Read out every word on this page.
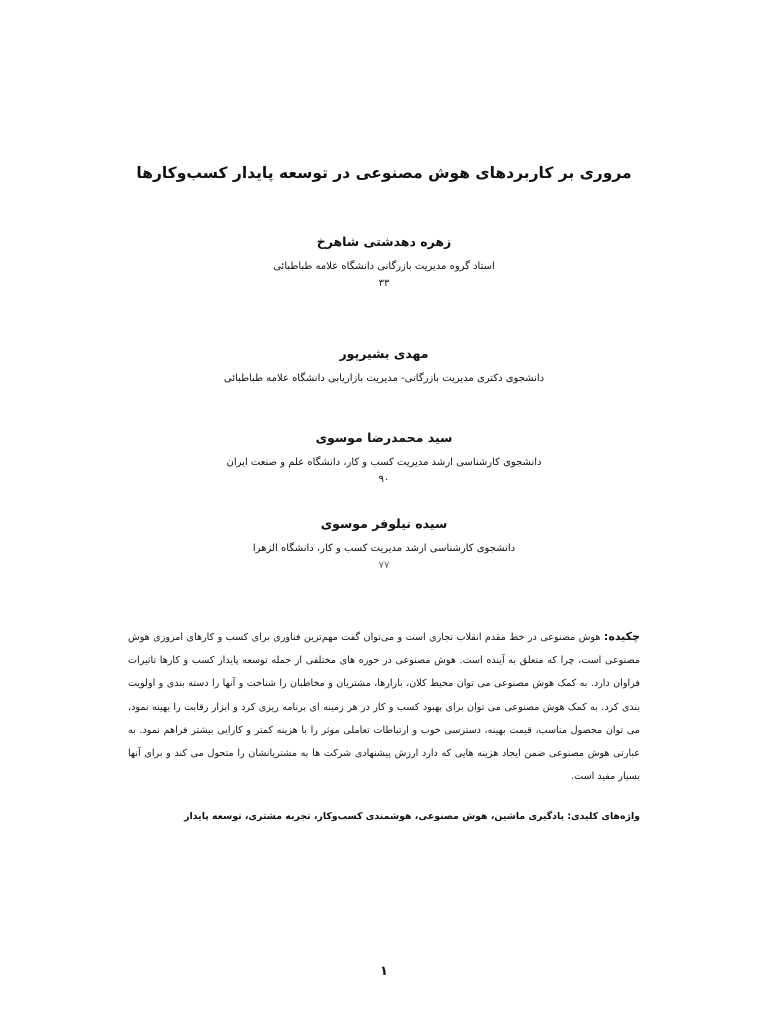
مروری بر کاربردهای هوش مصنوعی در توسعه پایدار کسب‌وکارها

زهره دهدشتی شاهرخ

استاد گروه مدیریت بازرگانی دانشگاه علامه طباطبائی

۳۳

مهدی بشیرپور

دانشجوی دکتری مدیریت بازرگانی- مدیریت بازاریابی دانشگاه علامه طباطبائی

سید محمدرضا موسوی

دانشجوی کارشناسی ارشد مدیریت کسب و کار، دانشگاه علم و صنعت ایران

۹۰

سیده نیلوفر موسوی

دانشجوی کارشناسی ارشد مدیریت کسب و کار، دانشگاه الزهرا

۷۷

چکیده: هوش مصنوعی در خط مقدم انقلاب تجاری است و می‌توان گفت مهم‌ترین فناوری برای کسب و کارهای امروزی هوش مصنوعی است، چرا که متعلق به آینده است. هوش مصنوعی در حوزه های مختلفی از جمله توسعه پایدار کسب و کارها تاثیرات فراوان دارد. به کمک هوش مصنوعی می توان محیط کلان، بازارها، مشتریان و مخاطبان را شناخت و آنها را دسته بندی و اولویت بندی کرد. به کمک هوش مصنوعی می توان برای بهبود کسب و کار در هر زمینه ای برنامه ریزی کرد و ابزار رقابت را بهینه نمود، می توان محصول مناسب، قیمت بهینه، دسترسی خوب و ارتباطات تعاملی موثر را با هزینه کمتر و کارایی بیشتر فراهم نمود. به عبارتی هوش مصنوعی ضمن ایجاد هزینه هایی که دارد ارزش پیشنهادی شرکت ها به مشتریانشان را متحول می کند و برای آنها بسیار مفید است.

واژه‌های کلیدی: یادگیری ماشین، هوش مصنوعی، هوشمندی کسب‌وکار، تجربه مشتری، توسعه پایدار

۱
